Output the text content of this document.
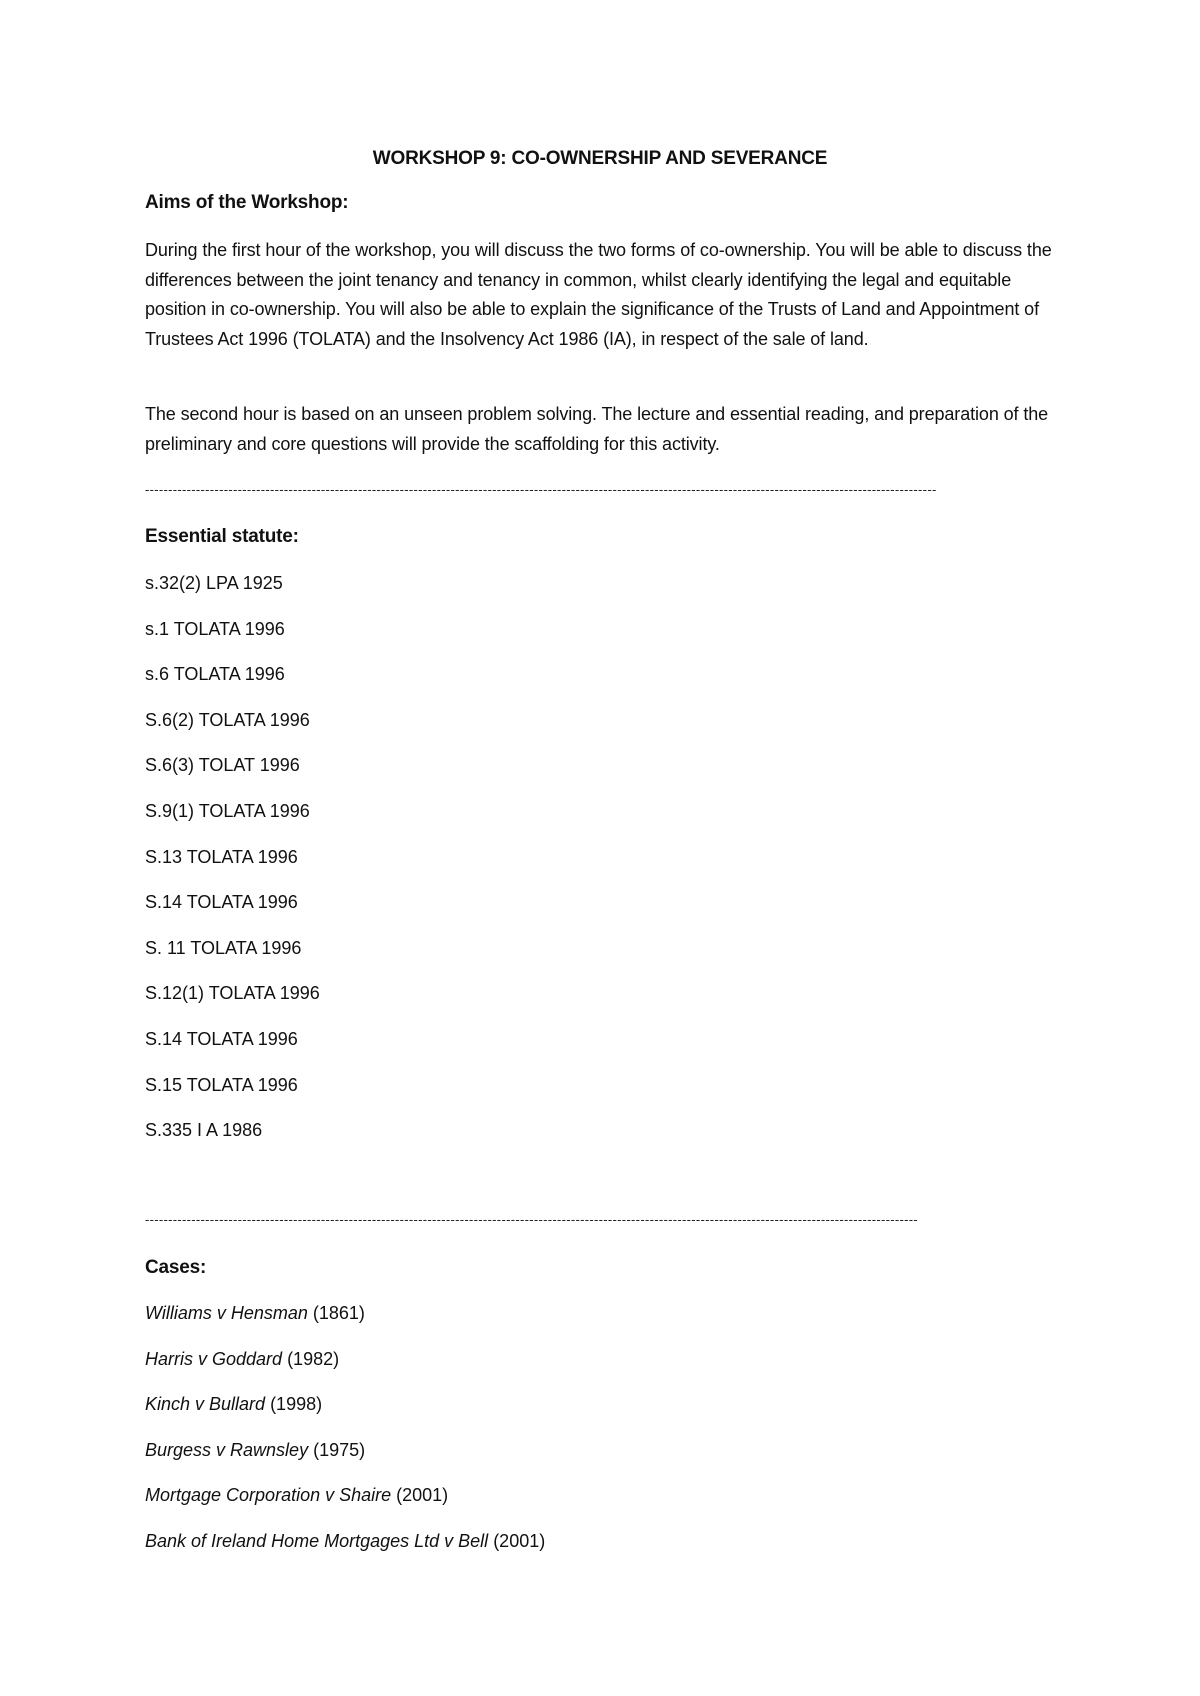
WORKSHOP 9: CO-OWNERSHIP AND SEVERANCE
Aims of the Workshop:
During the first hour of the workshop, you will discuss the two forms of co-ownership. You will be able to discuss the differences between the joint tenancy and tenancy in common, whilst clearly identifying the legal and equitable position in co-ownership. You will also be able to explain the significance of the Trusts of Land and Appointment of Trustees Act 1996 (TOLATA) and the Insolvency Act 1986 (IA), in respect of the sale of land.
The second hour is based on an unseen problem solving. The lecture and essential reading, and preparation of the preliminary and core questions will provide the scaffolding for this activity.
---------------------------------------------------------------------------------------------------------------------------------------------------------------------------
Essential statute:
s.32(2) LPA 1925
s.1 TOLATA 1996
s.6 TOLATA 1996
S.6(2) TOLATA 1996
S.6(3) TOLAT 1996
S.9(1) TOLATA 1996
S.13 TOLATA 1996
S.14 TOLATA 1996
S. 11 TOLATA 1996
S.12(1) TOLATA 1996
S.14 TOLATA 1996
S.15 TOLATA 1996
S.335 I A 1986
-----------------------------------------------------------------------------------------------------------------------------------------------------------------------
Cases:
Williams v Hensman (1861)
Harris v Goddard (1982)
Kinch v Bullard (1998)
Burgess v Rawnsley (1975)
Mortgage Corporation v Shaire (2001)
Bank of Ireland Home Mortgages Ltd v Bell (2001)
